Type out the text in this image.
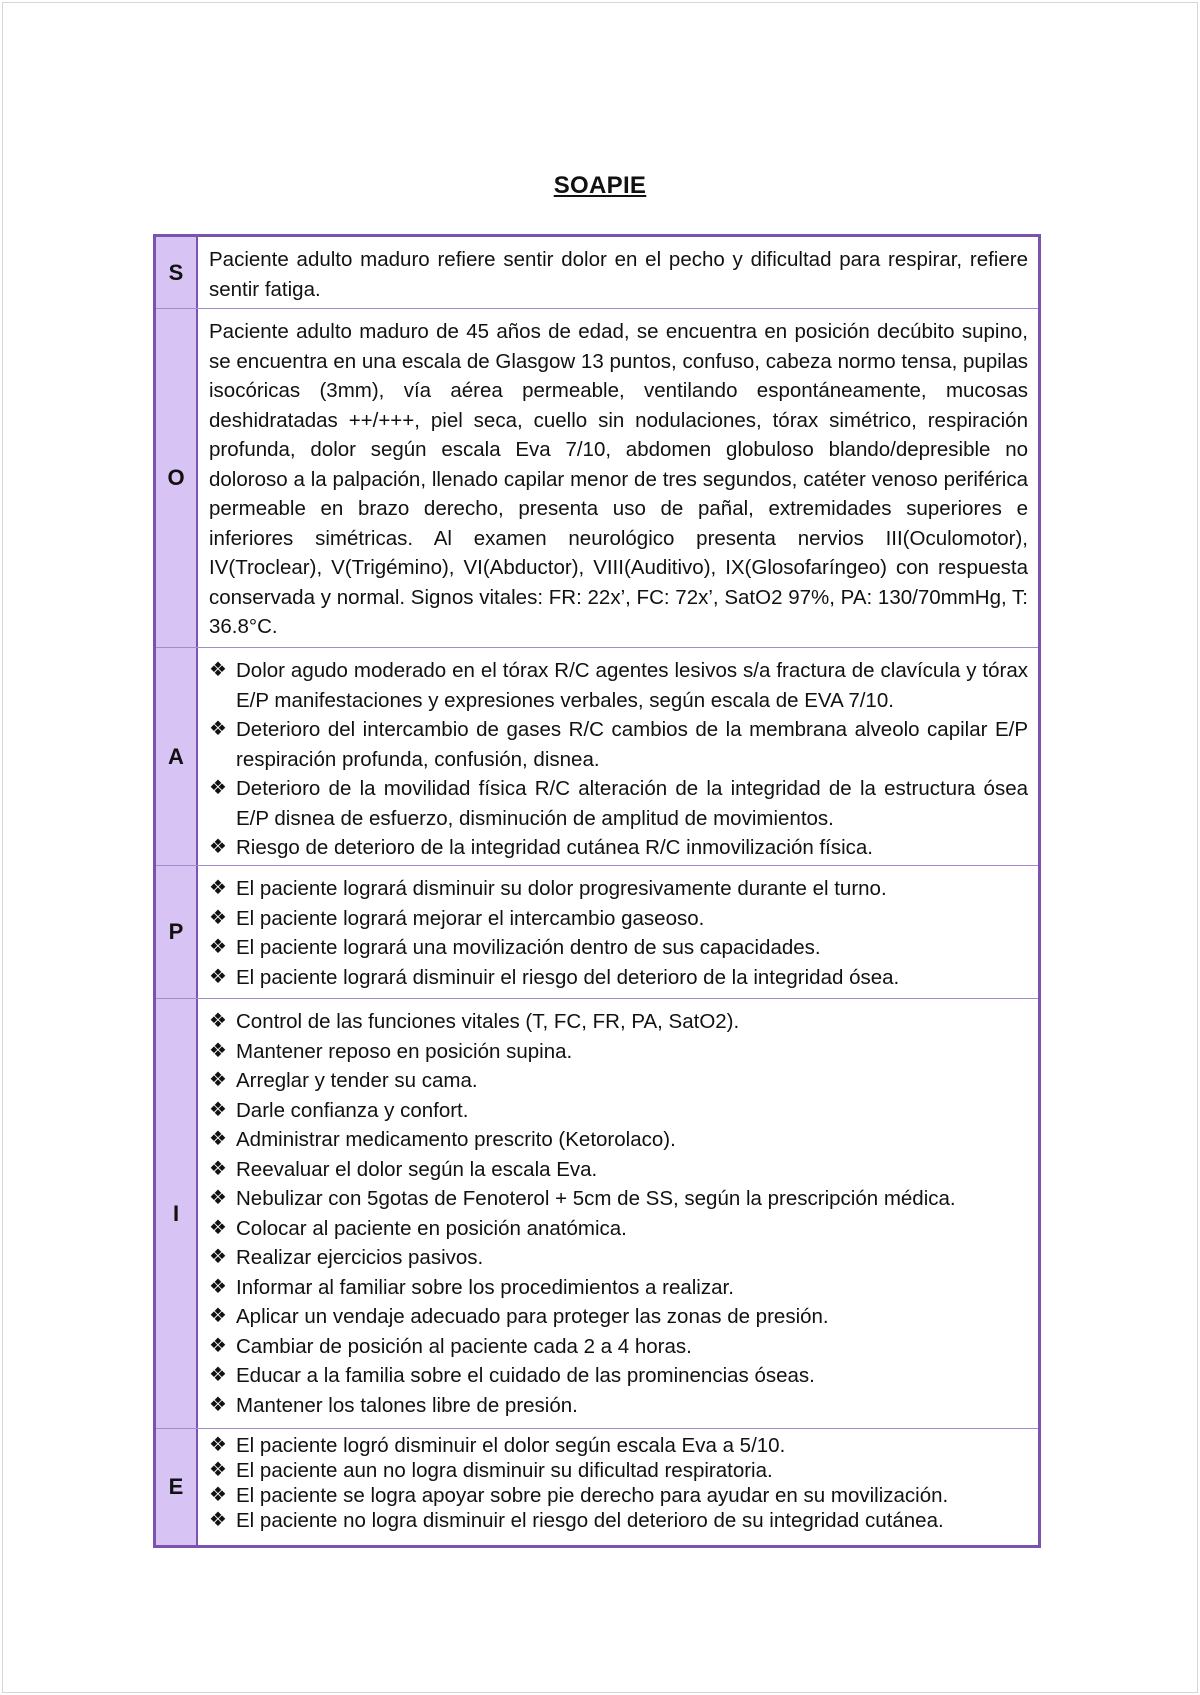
SOAPIE
S	Paciente adulto maduro refiere sentir dolor en el pecho y dificultad para respirar, refiere sentir fatiga.
O
Paciente adulto maduro de 45 años de edad, se encuentra en posición decúbito supino, se encuentra en una escala de Glasgow 13 puntos, confuso, cabeza normo tensa, pupilas isocóricas (3mm), vía aérea permeable, ventilando espontáneamente, mucosas deshidratadas ++/+++, piel seca, cuello sin nodulaciones, tórax simétrico, respiración profunda, dolor según escala Eva 7/10, abdomen globuloso blando/depresible no doloroso a la palpación, llenado capilar menor de tres segundos, catéter venoso periférica permeable en brazo derecho, presenta uso de pañal, extremidades superiores e inferiores simétricas. Al examen neurológico presenta nervios III(Oculomotor), IV(Troclear), V(Trigémino), VI(Abductor), VIII(Auditivo), IX(Glosofaríngeo) con respuesta conservada y normal. Signos vitales: FR: 22x’, FC: 72x’, SatO2 97%, PA: 130/70mmHg, T: 36.8°C.
A
❖ Dolor agudo moderado en el tórax R/C agentes lesivos s/a fractura de clavícula y tórax E/P manifestaciones y expresiones verbales, según escala de EVA 7/10.
❖ Deterioro del intercambio de gases R/C cambios de la membrana alveolo capilar E/P respiración profunda, confusión, disnea.
❖ Deterioro de la movilidad física R/C alteración de la integridad de la estructura ósea E/P disnea de esfuerzo, disminución de amplitud de movimientos.
❖ Riesgo de deterioro de la integridad cutánea R/C inmovilización física.
P
❖ El paciente logrará disminuir su dolor progresivamente durante el turno.
❖ El paciente logrará mejorar el intercambio gaseoso.
❖ El paciente logrará una movilización dentro de sus capacidades.
❖ El paciente logrará disminuir el riesgo del deterioro de la integridad ósea.
I
❖ Control de las funciones vitales (T, FC, FR, PA, SatO2).
❖ Mantener reposo en posición supina.
❖ Arreglar y tender su cama.
❖ Darle confianza y confort.
❖ Administrar medicamento prescrito (Ketorolaco).
❖ Reevaluar el dolor según la escala Eva.
❖ Nebulizar con 5gotas de Fenoterol + 5cm de SS, según la prescripción médica.
❖ Colocar al paciente en posición anatómica.
❖ Realizar ejercicios pasivos.
❖ Informar al familiar sobre los procedimientos a realizar.
❖ Aplicar un vendaje adecuado para proteger las zonas de presión.
❖ Cambiar de posición al paciente cada 2 a 4 horas.
❖ Educar a la familia sobre el cuidado de las prominencias óseas.
❖ Mantener los talones libre de presión.
E
❖ El paciente logró disminuir el dolor según escala Eva a 5/10.
❖ El paciente aun no logra disminuir su dificultad respiratoria.
❖ El paciente se logra apoyar sobre pie derecho para ayudar en su movilización.
❖ El paciente no logra disminuir el riesgo del deterioro de su integridad cutánea.
